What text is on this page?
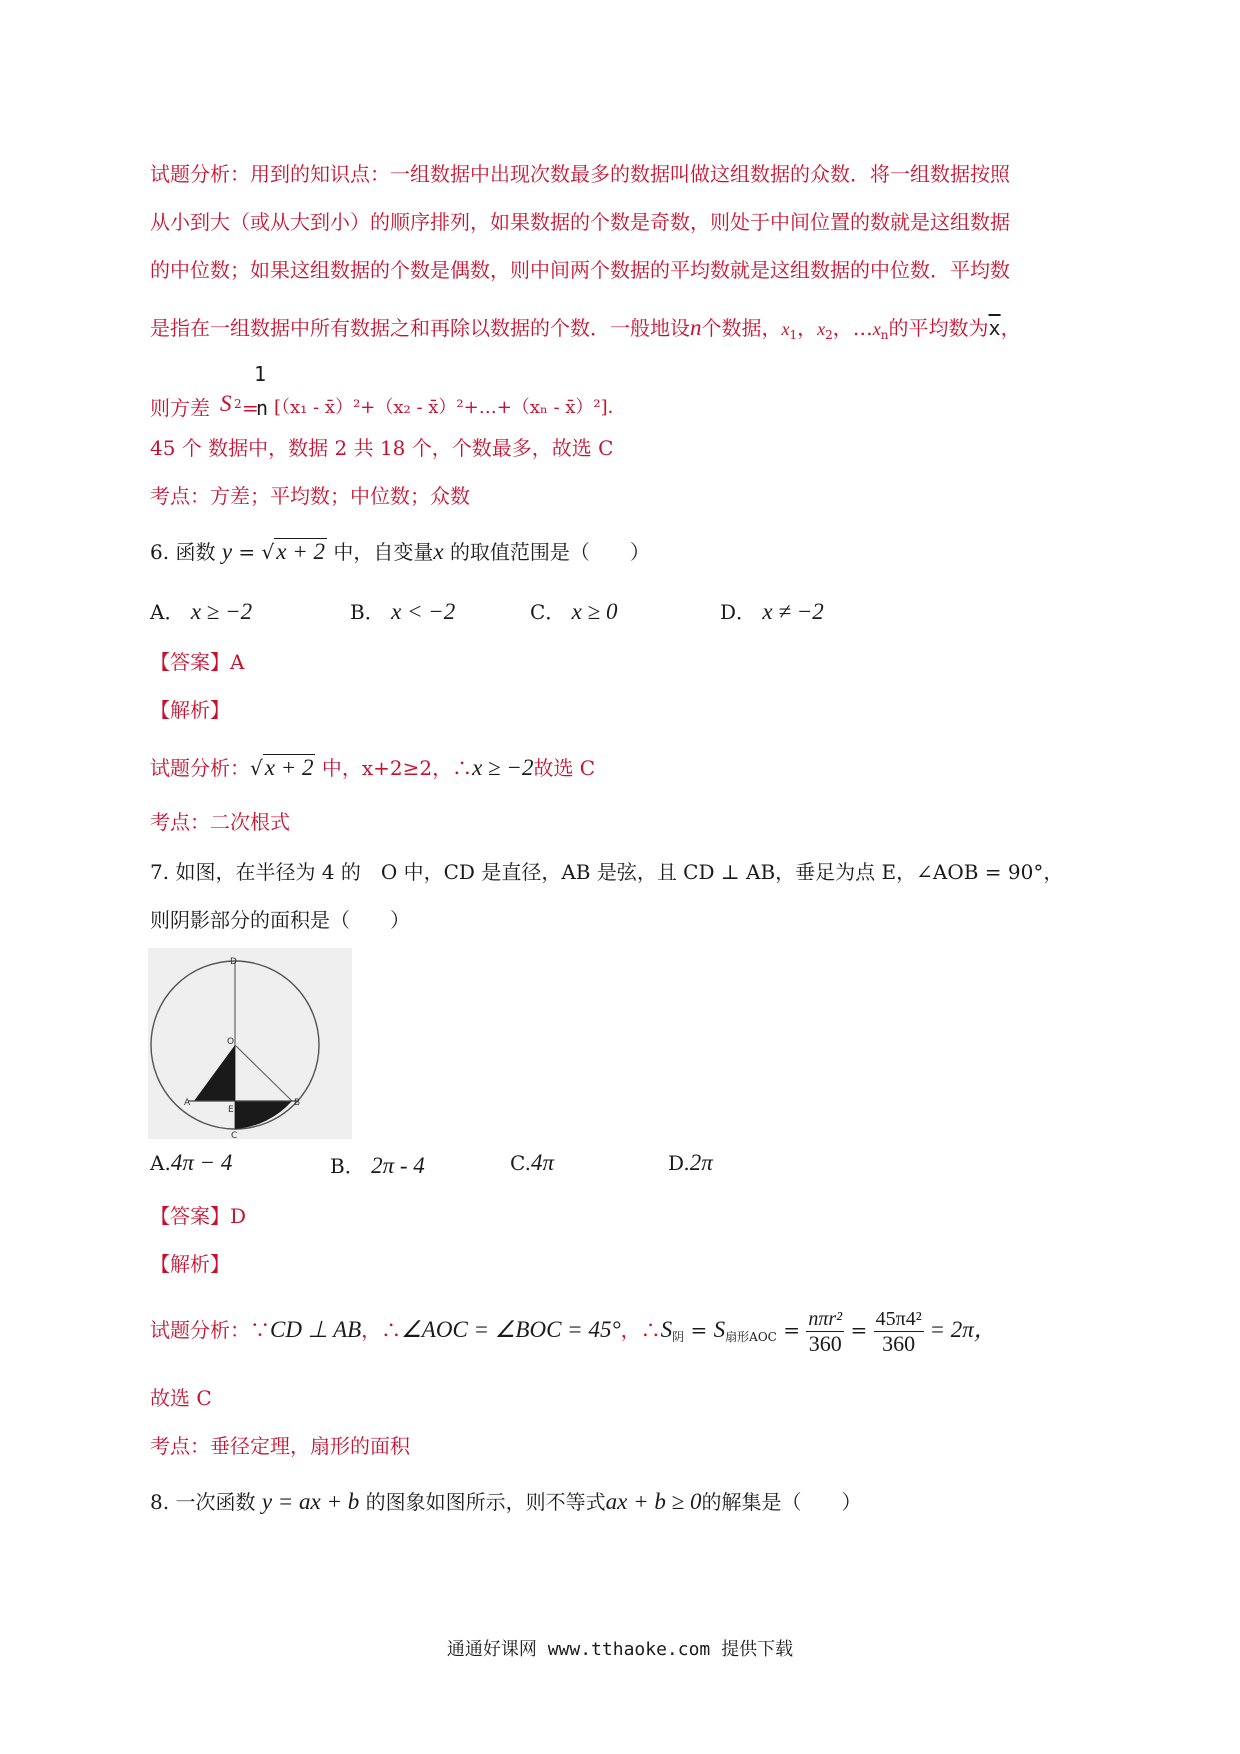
试题分析：用到的知识点：一组数据中出现次数最多的数据叫做这组数据的众数．将一组数据按照
从小到大（或从大到小）的顺序排列，如果数据的个数是奇数，则处于中间位置的数就是这组数据
的中位数；如果这组数据的个数是偶数，则中间两个数据的平均数就是这组数据的中位数．平均数
是指在一组数据中所有数据之和再除以数据的个数．一般地设n个数据，$x_1$，$x_2$，$\dots x_n$的平均数为$\overline{x}$，
则方差 S 2 =
1
n [（x₁ - x̄）²+（x₂ - x̄）²+…+（xₙ - x̄）²]．
45 个 数据中，数据 2 共 18 个，个数最多，故选 C
考点：方差；平均数；中位数；众数
6. 函数 y = √x + 2 中，自变量x 的取值范围是（　　）
A． x ≥ −2	B． x < −2	C． x ≥ 0	D． x ≠ −2
【答案】A
【解析】
试题分析：√x + 2 中，x+2≥2，∴x ≥ −2故选 C
考点：二次根式
7. 如图，在半径为 4 的　O 中，CD 是直径，AB 是弦，且 CD ⊥ AB，垂足为点 E，∠AOB = 90°，
则阴影部分的面积是（　　）
D
O
A
E
B
C
A.4π − 4	B． 2π - 4	C.4π	D.2π
【答案】D
【解析】
试题分析：∵CD ⊥ AB，∴∠AOC = ∠BOC = 45°，$\therefore S_阴 = S_{扇形AOC} = \frac{\text{nπr²}}{360} = \frac{\text{45π4²}}{360} = 2\pi$，
故选 C
考点：垂径定理，扇形的面积
8. 一次函数 y = ax + b 的图象如图所示，则不等式ax + b ≥ 0的解集是（　　）
通通好课网 www.tthaoke.com 提供下载
